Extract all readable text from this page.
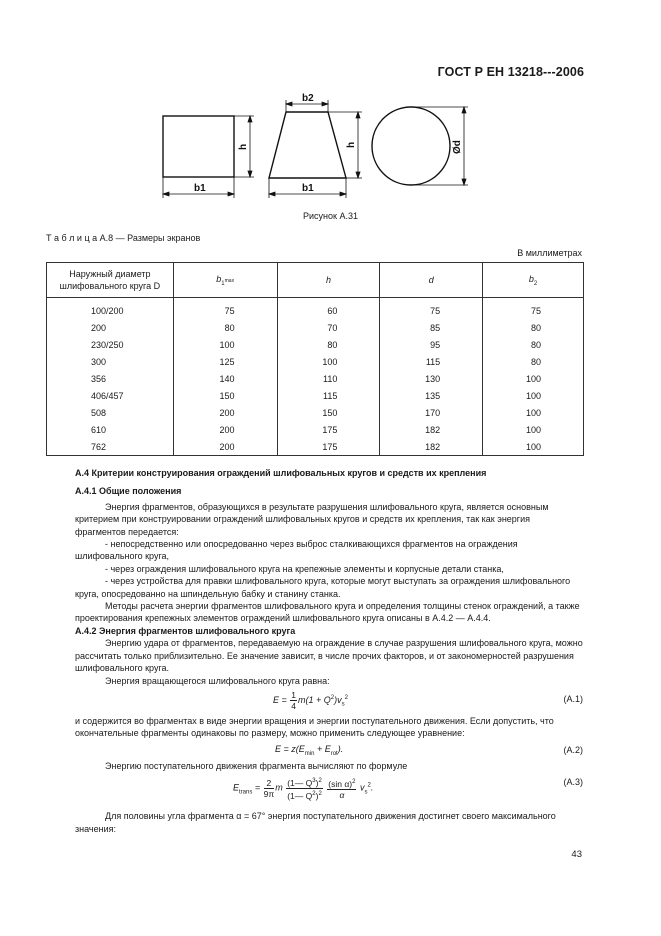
ГОСТ Р ЕН 13218---2006
b1
h
b2
h
b1
Ød
Рисунок А.31
Т а б л и ц а А.8 — Размеры экранов
В миллиметрах
Наружный диаметр шлифовального круга D	$b_1\max$	h	d	$b_2$
100/200	75	60	75	75
200	80	70	85	80
230/250	100	80	95	80
300	125	100	115	80
356	140	110	130	100
406/457	150	115	135	100
508	200	150	170	100
610	200	175	182	100
762	200	175	182	100
А.4 Критерии конструирования ограждений шлифовальных кругов и средств их крепления
А.4.1 Общие положения
Энергия фрагментов, образующихся в результате разрушения шлифовального круга, является основным критерием при конструировании ограждений шлифовальных кругов и средств их крепления, так как энергия фрагментов передается:
- непосредственно или опосредованно через выброс сталкивающихся фрагментов на ограждения шлифовального круга,
- через ограждения шлифовального круга на крепежные элементы и корпусные детали станка,
- через устройства для правки шлифовального круга, которые могут выступать за ограждения шлифовального круга, опосредованно на шпиндельную бабку и станину станка.
Методы расчета энергии фрагментов шлифовального круга и определения толщины стенок ограждений, а также проектирования крепежных элементов ограждений шлифовального круга описаны в А.4.2 — А.4.4.
А.4.2 Энергия фрагментов шлифовального круга
Энергию удара от фрагментов, передаваемую на ограждение в случае разрушения шлифовального круга, можно рассчитать только приблизительно. Ее значение зависит, в числе прочих факторов, и от закономерностей разрушения шлифовального круга.
Энергия вращающегося шлифовального круга равна:
$E = \frac{1}{4} m(1 + Q^2)v_s^2$	(А.1)
и содержится во фрагментах в виде энергии вращения и энергии поступательного движения. Если допустить, что окончательные фрагменты одинаковы по размеру, можно применить следующее уравнение:
$E = z(E_{min} + E_{rot})$.	(А.2)
Энергию поступательного движения фрагмента вычисляют по формуле
$E_{trans} = \frac{2}{9\pi}$ m $\frac{(1— Q^3)^2}{(1— Q^2)^2}$
$\frac{(\sin \alpha)^2}{\alpha} v_s^2$.
(А.3)
Для половины угла фрагмента α = 67° энергия поступательного движения достигнет своего максимального значения:
43
